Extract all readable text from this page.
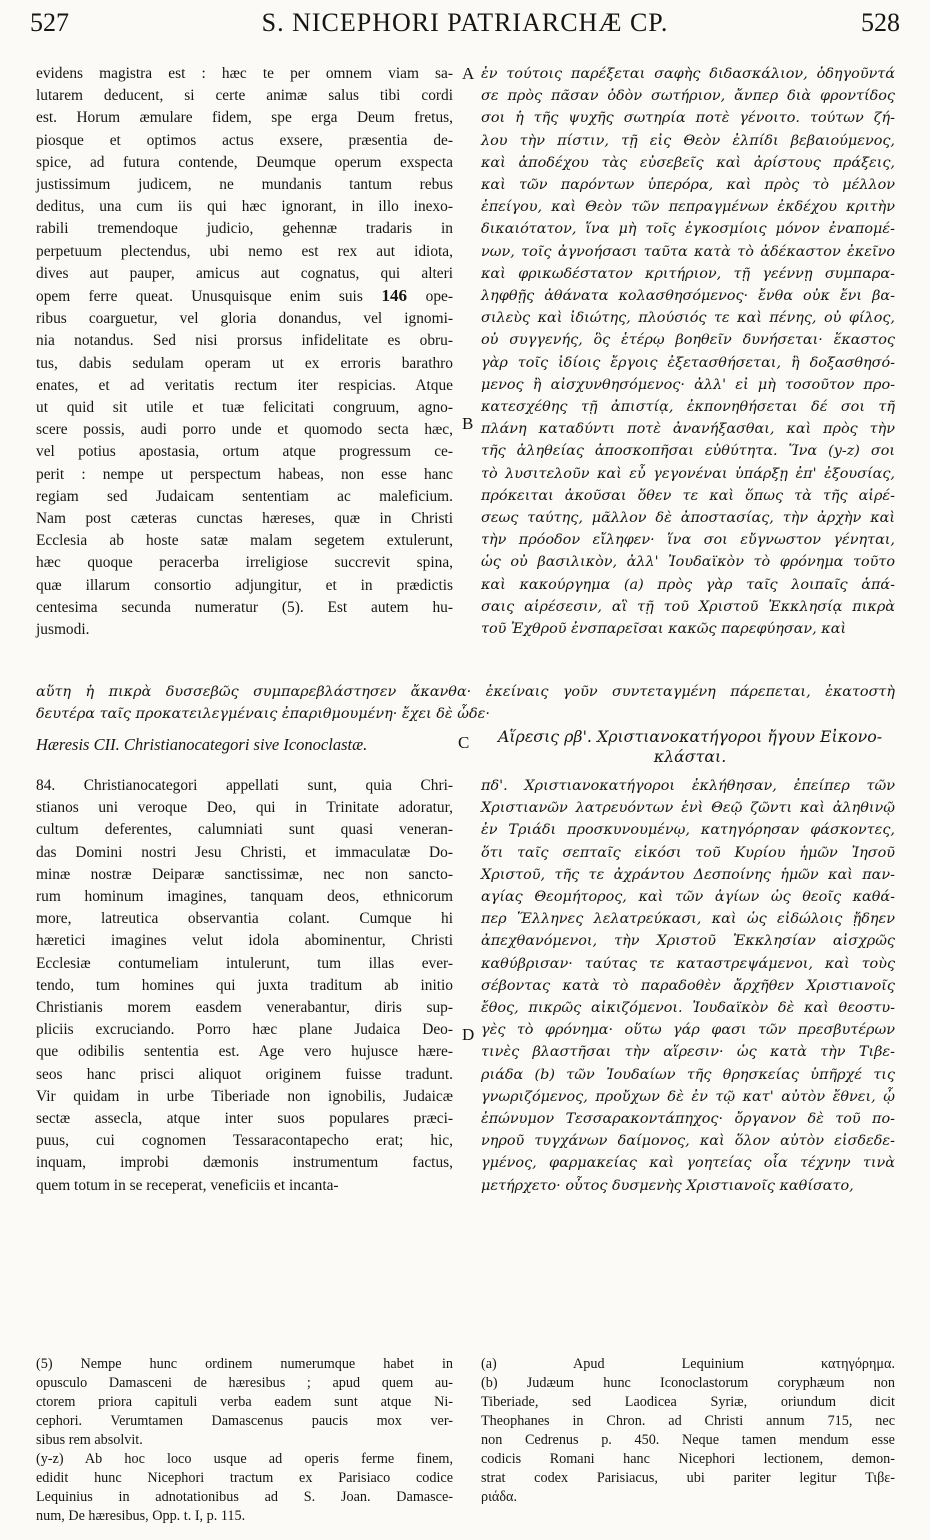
527	S. NICEPHORI PATRIARCHÆ CP.	528
evidens magistra est : hæc te per omnem viam sa-
lutarem deducent, si certe animæ salus tibi cordi
est. Horum æmulare fidem, spe erga Deum fretus,
piosque et optimos actus exsere, præsentia de-
spice, ad futura contende, Deumque operum exspecta
justissimum judicem, ne mundanis tantum rebus
deditus, una cum iis qui hæc ignorant, in illo inexo-
rabili tremendoque judicio, gehennæ tradaris in
perpetuum plectendus, ubi nemo est rex aut idiota,
dives aut pauper, amicus aut cognatus, qui alteri
opem ferre queat. Unusquisque enim suis 146 ope-
ribus coarguetur, vel gloria donandus, vel ignomi-
nia notandus. Sed nisi prorsus infidelitate es obru-
tus, dabis sedulam operam ut ex erroris barathro
enates, et ad veritatis rectum iter respicias. Atque
ut quid sit utile et tuæ felicitati congruum, agno-
scere possis, audi porro unde et quomodo secta hæc,
vel potius apostasia, ortum atque progressum ce-
perit : nempe ut perspectum habeas, non esse hanc
regiam sed Judaicam sententiam ac maleficium.
Nam post cæteras cunctas hæreses, quæ in Christi
Ecclesia ab hoste satæ malam segetem extulerunt,
hæc quoque peracerba irreligiose succrevit spina,
quæ illarum consortio adjungitur, et in prædictis
centesima secunda numeratur (5). Est autem hu-
jusmodi.
ἐν τούτοις παρέξεται σαφὴς διδασκάλιον, ὁδηγοῦντά
σε πρὸς πᾶσαν ὁδὸν σωτήριον, ἄνπερ διὰ φροντίδος
σοι ἡ τῆς ψυχῆς σωτηρία ποτὲ γένοιτο. τούτων ζή-
λου τὴν πίστιν, τῇ εἰς Θεὸν ἐλπίδι βεβαιούμενος,
καὶ ἀποδέχου τὰς εὐσεβεῖς καὶ ἀρίστους πράξεις,
καὶ τῶν παρόντων ὑπερόρα, καὶ πρὸς τὸ μέλλον
ἐπείγου, καὶ Θεὸν τῶν πεπραγμένων ἐκδέχου κριτὴν
δικαιότατον, ἵνα μὴ τοῖς ἐγκοσμίοις μόνον ἐναπομέ-
νων, τοῖς ἀγνοήσασι ταῦτα κατὰ τὸ ἀδέκαστον ἐκεῖνο
καὶ φρικωδέστατον κριτήριον, τῇ γεέννῃ συμπαρα-
ληφθῇς ἀθάνατα κολασθησόμενος· ἔνθα οὐκ ἔνι βα-
σιλεὺς καὶ ἰδιώτης, πλούσιός τε καὶ πένης, οὐ φίλος,
οὐ συγγενής, ὃς ἑτέρῳ βοηθεῖν δυνήσεται· ἕκαστος
γὰρ τοῖς ἰδίοις ἔργοις ἐξετασθήσεται, ἢ δοξασθησό-
μενος ἢ αἰσχυνθησόμενος· ἀλλ' εἰ μὴ τοσοῦτον προ-
κατεσχέθης τῇ ἀπιστίᾳ, ἐκπονηθήσεται δέ σοι τῆ
πλάνη καταδύντι ποτὲ ἀνανήξασθαι, καὶ πρὸς τὴν
τῆς ἀληθείας ἀποσκοπῆσαι εὐθύτητα. Ἵνα (y-z) σοι
τὸ λυσιτελοῦν καὶ εὖ γεγονέναι ὑπάρξῃ ἐπ' ἐξουσίας,
πρόκειται ἀκοῦσαι ὅθεν τε καὶ ὅπως τὰ τῆς αἱρέ-
σεως ταύτης, μᾶλλον δὲ ἀποστασίας, τὴν ἀρχὴν καὶ
τὴν πρόοδον εἴληφεν· ἵνα σοι εὔγνωστον γένηται,
ὡς οὐ βασιλικὸν, ἀλλ' Ἰουδαϊκὸν τὸ φρόνημα τοῦτο
καὶ κακούργημα (a) πρὸς γὰρ ταῖς λοιπαῖς ἁπά-
σαις αἱρέσεσιν, αἳ τῇ τοῦ Χριστοῦ Ἐκκλησίᾳ πικρὰ
τοῦ Ἐχθροῦ ἐνσπαρεῖσαι κακῶς παρεφύησαν, καὶ
A
B
C
D
αὕτη ἡ πικρὰ δυσσεβῶς συμπαρεβλάστησεν ἄκανθα· ἐκείναις γοῦν συντεταγμένη πάρεπεται, ἑκατοστὴ
δευτέρα ταῖς προκατειλεγμέναις ἐπαριθμουμένη· ἔχει δὲ ὧδε·
Hæresis CII. Christianocategori sive Iconoclastæ.	Αἵρεσις ρβ'. Χριστιανοκατήγοροι ἤγουν Εἰκονο-κλάσται.
84. Christianocategori appellati sunt, quia Chri-
stianos uni veroque Deo, qui in Trinitate adoratur,
cultum deferentes, calumniati sunt quasi veneran-
das Domini nostri Jesu Christi, et immaculatæ Do-
minæ nostræ Deiparæ sanctissimæ, nec non sancto-
rum hominum imagines, tanquam deos, ethnicorum
more, latreutica observantia colant. Cumque hi
hæretici imagines velut idola abominentur, Christi
Ecclesiæ contumeliam intulerunt, tum illas ever-
tendo, tum homines qui juxta traditum ab initio
Christianis morem easdem venerabantur, diris sup-
pliciis excruciando. Porro hæc plane Judaica Deo-
que odibilis sententia est. Age vero hujusce hære-
seos hanc prisci aliquot originem fuisse tradunt.
Vir quidam in urbe Tiberiade non ignobilis, Judaicæ
sectæ assecla, atque inter suos populares præci-
puus, cui cognomen Tessaracontapecho erat; hic,
inquam, improbi dæmonis instrumentum factus,
quem totum in se receperat, veneficiis et incanta-
πδ'. Χριστιανοκατήγοροι ἐκλήθησαν, ἐπείπερ τῶν
Χριστιανῶν λατρευόντων ἑνὶ Θεῷ ζῶντι καὶ ἀληθινῷ
ἐν Τριάδι προσκυνουμένῳ, κατηγόρησαν φάσκοντες,
ὅτι ταῖς σεπταῖς εἰκόσι τοῦ Κυρίου ἡμῶν Ἰησοῦ
Χριστοῦ, τῆς τε ἀχράντου Δεσποίνης ἡμῶν καὶ παν-
αγίας Θεομήτορος, καὶ τῶν ἁγίων ὡς θεοῖς καθά-
περ Ἕλληνες λελατρεύκασι, καὶ ὡς εἰδώλοις ᾔδηεν
ἀπεχθανόμενοι, τὴν Χριστοῦ Ἐκκλησίαν αἰσχρῶς
καθύβρισαν· ταύτας τε καταστρεψάμενοι, καὶ τοὺς
σέβοντας κατὰ τὸ παραδοθὲν ἄρχῆθεν Χριστιανοῖς
ἔθος, πικρῶς αἰκιζόμενοι. Ἰουδαϊκὸν δὲ καὶ θεοστυ-
γὲς τὸ φρόνημα· οὕτω γάρ φασι τῶν πρεσβυτέρων
τινὲς βλαστῆσαι τὴν αἵρεσιν· ὡς κατὰ τὴν Τιβε-
ριάδα (b) τῶν Ἰουδαίων τῆς θρησκείας ὑπῆρχέ τις
γνωριζόμενος, προὔχων δὲ ἐν τῷ κατ' αὐτὸν ἔθνει, ᾧ
ἐπώνυμον Τεσσαρακοντάπηχος· ὄργανον δὲ τοῦ πο-
νηροῦ τυγχάνων δαίμονος, καὶ ὅλον αὐτὸν εἰσδεδε-
γμένος, φαρμακείας καὶ γοητείας οἷα τέχνην τινὰ
μετήρχετο· οὗτος δυσμενὴς Χριστιανοῖς καθίσατο,
(5) Nempe hunc ordinem numerumque habet in
opusculo Damasceni de hæresibus ; apud quem au-
ctorem priora capituli verba eadem sunt atque Ni-
cephori. Verumtamen Damascenus paucis mox ver-
sibus rem absolvit.
(y-z) Ab hoc loco usque ad operis ferme finem,
edidit hunc Nicephori tractum ex Parisiaco codice
Lequinius in adnotationibus ad S. Joan. Damasce-
num, De hæresibus, Opp. t. I, p. 115.
(a) Apud Lequinium κατηγόρημα.
(b) Judæum hunc Iconoclastorum coryphæum non
Tiberiade, sed Laodicea Syriæ, oriundum dicit
Theophanes in Chron. ad Christi annum 715, nec
non Cedrenus p. 450. Neque tamen mendum esse
codicis Romani hanc Nicephori lectionem, demon-
strat codex Parisiacus, ubi pariter legitur Τιβε-
ριάδα.
